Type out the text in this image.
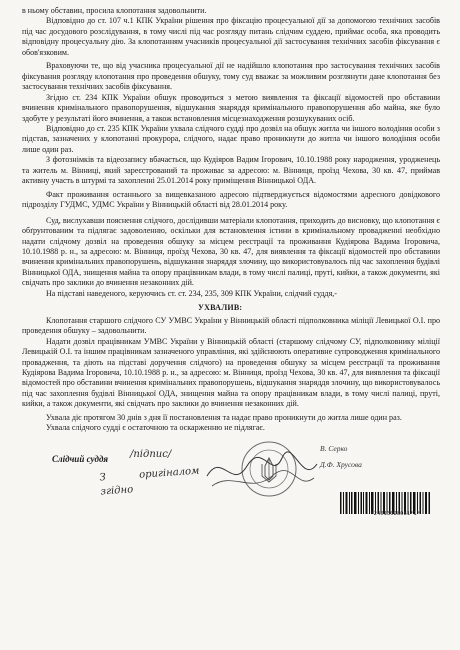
в ньому обставин, просила клопотання задовольнити.

Відповідно до ст. 107 ч.1 КПК України рішення про фіксацію процесуальної дії за допомогою технічних засобів під час досудового розслідування, в тому числі під час розгляду питань слідчим суддею, приймає особа, яка проводить відповідну процесуальну дію. За клопотанням учасників процесуальної дії застосування технічних засобів фіксування є обов'язковим.

Враховуючи те, що від учасника процесуальної дії не надійшло клопотання про застосування технічних засобів фіксування розгляду клопотання про проведення обшуку, тому суд вважає за можливим розглянути дане клопотання без застосування технічних засобів фіксування.

Згідно ст. 234 КПК України обшук проводиться з метою виявлення та фіксації відомостей про обставини вчинення кримінального правопорушення, відшукання знаряддя кримінального правопорушення або майна, яке було здобуте у результаті його вчинення, а також встановлення місцезнаходження розшукуваних осіб.

Відповідно до ст. 235 КПК України ухвала слідчого судді про дозвіл на обшук житла чи іншого володіння особи з підстав, зазначених у клопотанні прокурора, слідчого, надає право проникнути до житла чи іншого володіння особи лише один раз.

З фотознімків та відеозапису вбачається, що Кудіяров Вадим Ігорович, 10.10.1988 року народження, уродженець та житель м. Вінниці, який зареєстрований та проживає за адресою: м. Вінниця, проїзд Чехова, 30 кв. 47, приймав активну участь в штурмі та захопленні 25.01.2014 року приміщення Вінницької ОДА.

Факт проживання останнього за вищевказаною адресою підтверджується відомостями адресного довідкового підрозділу ГУДМС, УДМС України у Вінницькій області від 28.01.2014 року.

Суд, вислухавши пояснення слідчого, дослідивши матеріали клопотання, приходить до висновку, що клопотання є обґрунтованим та підлягає задоволенню, оскільки для встановлення істини в кримінальному провадженні необхідно надати слідчому дозвіл на проведення обшуку за місцем реєстрації та проживання Кудіярова Вадима Ігоровича, 10.10.1988 р. н., за адресою: м. Вінниця, проїзд Чехова, 30 кв. 47, для виявлення та фіксації відомостей про обставини вчинення кримінальних правопорушень, відшукання знаряддя злочину, що використовувалось під час захоплення будівлі Вінницької ОДА, знищення майна та опору працівникам влади, в тому числі палиці, пруті, кийки, а також документи, які свідчать про заклики до вчинення незаконних дій.

На підставі наведеного, керуючись ст. ст. 234, 235, 309 КПК України, слідчий суддя,-

УХВАЛИВ:

Клопотання старшого слідчого СУ УМВС України у Вінницькій області підполковника міліції Левицької О.І. про проведення обшуку – задовольнити.

Надати дозвіл працівникам УМВС України у Вінницькій області (старшому слідчому СУ, підполковнику міліції Левицькій О.І. та іншим працівникам зазначеного управління, які здійснюють оперативне супроводження кримінального провадження, та діють на підставі доручення слідчого) на проведення обшуку за місцем реєстрації та проживання Кудіярова Вадима Ігоровича, 10.10.1988 р. н., за адресою: м. Вінниця, проїзд Чехова, 30 кв. 47, для виявлення та фіксації відомостей про обставини вчинення кримінальних правопорушень, відшукання знаряддя злочину, що використовувалось під час захоплення будівлі Вінницької ОДА, знищення майна та опору працівникам влади, в тому числі палиці, пруті, кийки, а також документи, які свідчать про заклики до вчинення незаконних дій.

Ухвала діє протягом 30 днів з дня її постановлення та надає право проникнути до житла лише один раз.

Ухвала слідчого судді є остаточною та оскарженню не підлягає.

Слідчий суддя /підпис/
З оригіналом згідно
В. Серко
Д.Ф. Хрусова
*24013028081*1*
